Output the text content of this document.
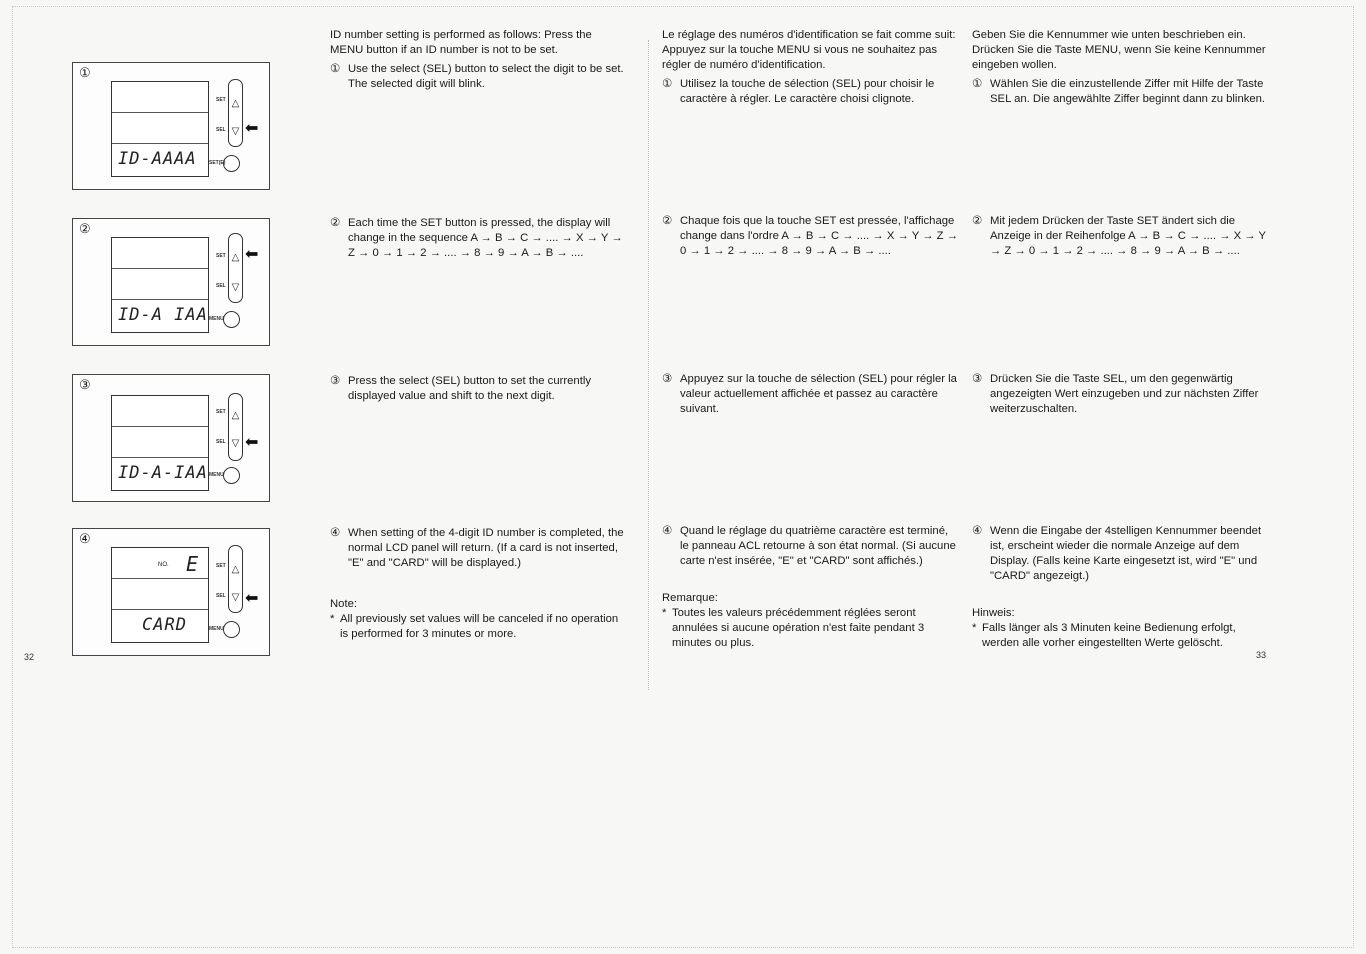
①
ID-AAAA
△
▽
SET
SEL
SET(E)
⬅
②
ID-A IAA
△
▽
SET
SEL
MENU
⬅
③
ID-A-IAA
△
▽
SET
SEL
MENU
⬅
④
NO. E
CARD
△
▽
SET
SEL
MENU
⬅
32	33

ID number setting is performed as follows: Press the MENU button if an ID number is not to be set.

① Use the select (SEL) button to select the digit to be set. The selected digit will blink.
② Each time the SET button is pressed, the display will change in the sequence A → B → C → .... → X → Y → Z → 0 → 1 → 2 → .... → 8 → 9 → A → B → ....
③ Press the select (SEL) button to set the currently displayed value and shift to the next digit.
④ When setting of the 4-digit ID number is completed, the normal LCD panel will return. (If a card is not inserted, "E" and "CARD" will be displayed.)

Note:

* All previously set values will be canceled if no operation is performed for 3 minutes or more.

Le réglage des numéros d'identification se fait comme suit: Appuyez sur la touche MENU si vous ne souhaitez pas régler de numéro d'identification.

① Utilisez la touche de sélection (SEL) pour choisir le caractère à régler. Le caractère choisi clignote.
② Chaque fois que la touche SET est pressée, l'affichage change dans l'ordre A → B → C → .... → X → Y → Z → 0 → 1 → 2 → .... → 8 → 9 → A → B → ....
③ Appuyez sur la touche de sélection (SEL) pour régler la valeur actuellement affichée et passez au caractère suivant.
④ Quand le réglage du quatrième caractère est terminé, le panneau ACL retourne à son état normal. (Si aucune carte n'est insérée, "E" et "CARD" sont affichés.)

Remarque:

* Toutes les valeurs précédemment réglées seront annulées si aucune opération n'est faite pendant 3 minutes ou plus.

Geben Sie die Kennummer wie unten beschrieben ein. Drücken Sie die Taste MENU, wenn Sie keine Kennummer eingeben wollen.

① Wählen Sie die einzustellende Ziffer mit Hilfe der Taste SEL an. Die angewählte Ziffer beginnt dann zu blinken.
② Mit jedem Drücken der Taste SET ändert sich die Anzeige in der Reihenfolge A → B → C → .... → X → Y → Z → 0 → 1 → 2 → .... → 8 → 9 → A → B → ....
③ Drücken Sie die Taste SEL, um den gegenwärtig angezeigten Wert einzugeben und zur nächsten Ziffer weiterzuschalten.
④ Wenn die Eingabe der 4stelligen Kennummer beendet ist, erscheint wieder die normale Anzeige auf dem Display. (Falls keine Karte eingesetzt ist, wird "E" und "CARD" angezeigt.)

Hinweis:

* Falls länger als 3 Minuten keine Bedienung erfolgt, werden alle vorher eingestellten Werte gelöscht.
